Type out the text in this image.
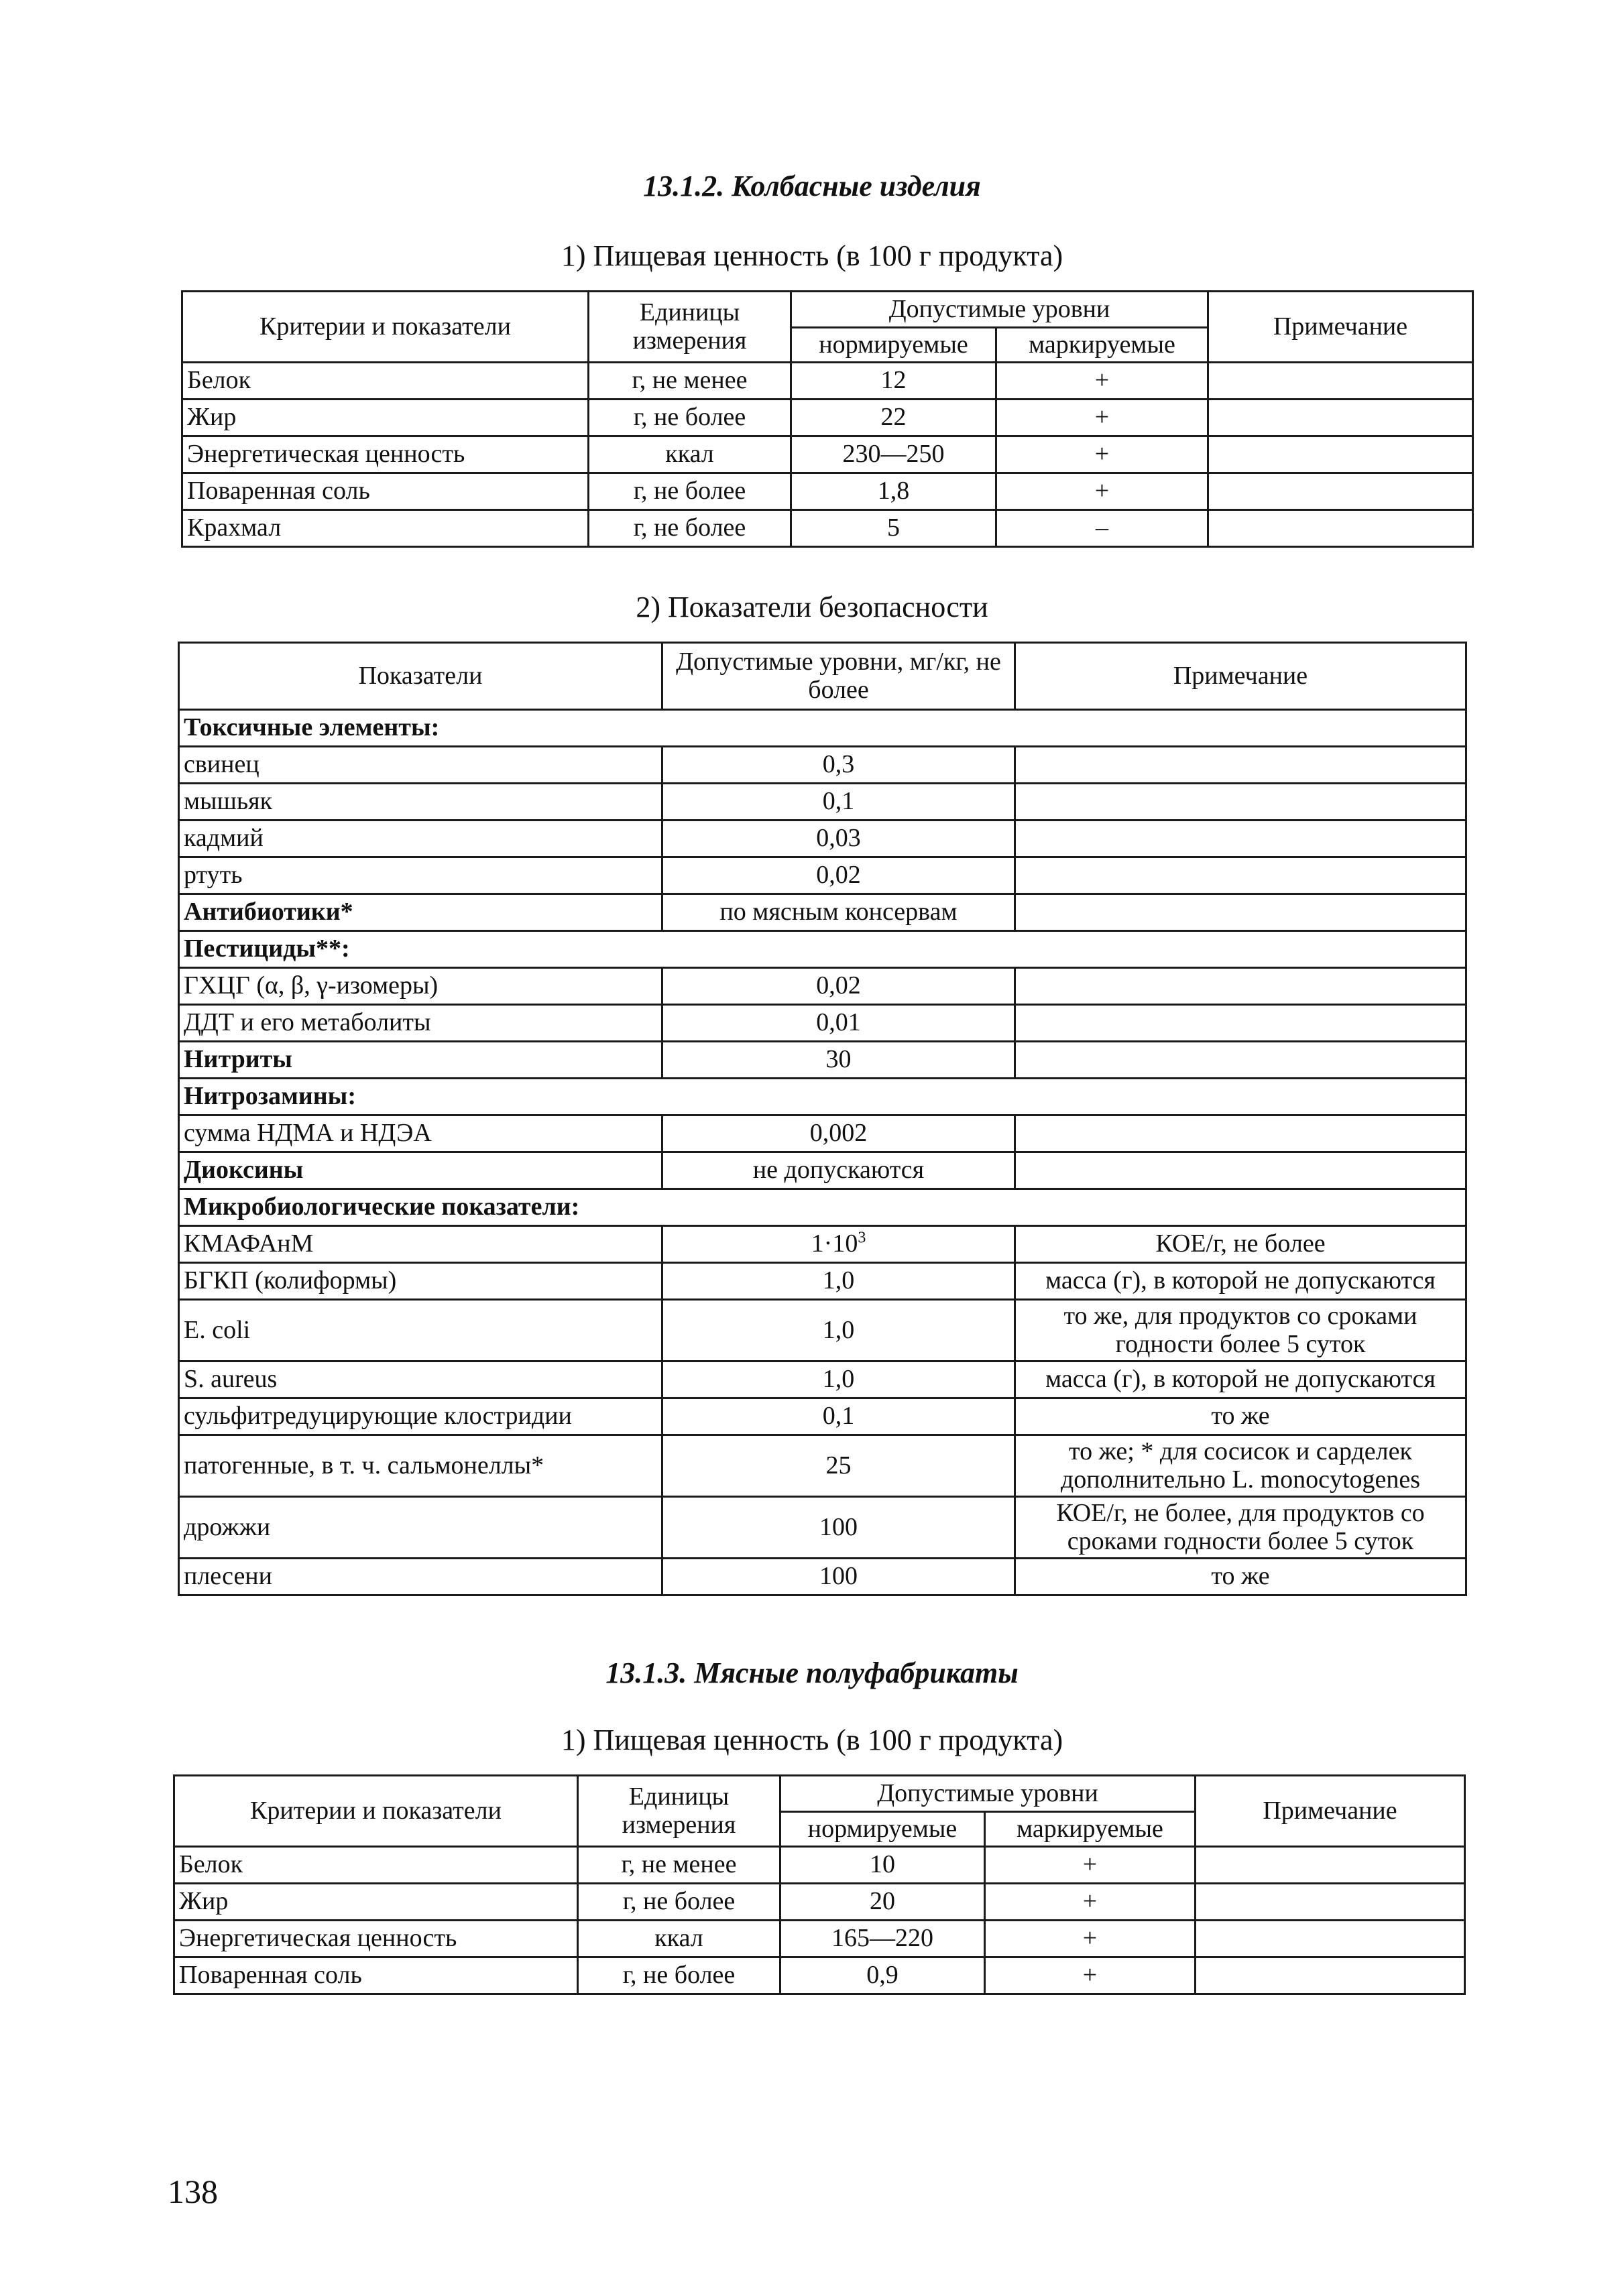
13.1.2. Колбасные изделия
1) Пищевая ценность (в 100 г продукта)
Критерии и показатели	Единицы измерения	Допустимые уровни		Примечание
		нормируемые	маркируемые	
Белок	г, не менее	12	+	
Жир	г, не более	22	+	
Энергетическая ценность	ккал	230—250	+	
Поваренная соль	г, не более	1,8	+	
Крахмал	г, не более	5	–	
2) Показатели безопасности
Показатели	Допустимые уровни, мг/кг, не более	Примечание
Токсичные элементы:		
свинец	0,3	
мышьяк	0,1	
кадмий	0,03	
ртуть	0,02	
Антибиотики*	по мясным консервам	
Пестициды**:		
ГХЦГ (α, β, γ-изомеры)	0,02	
ДДТ и его метаболиты	0,01	
Нитриты	30	
Нитрозамины:		
сумма НДМА и НДЭА	0,002	
Диоксины	не допускаются	
Микробиологические показатели:		
КМАФАнМ	$1\cdot 10^3$	КОЕ/г, не более
БГКП (колиформы)	1,0	масса (г), в которой не допускаются
E. coli	1,0	то же, для продуктов со сроками годности более 5 суток
S. aureus	1,0	масса (г), в которой не допускаются
сульфитредуцирующие клостридии	0,1	то же
патогенные, в т. ч. сальмонеллы*	25	то же; * для сосисок и сарделек дополнительно L. monocytogenes
дрожжи	100	КОЕ/г, не более, для продуктов со сроками годности более 5 суток
плесени	100	то же
13.1.3. Мясные полуфабрикаты
1) Пищевая ценность (в 100 г продукта)
Критерии и показатели	Единицы измерения	Допустимые уровни		Примечание
		нормируемые	маркируемые	
Белок	г, не менее	10	+	
Жир	г, не более	20	+	
Энергетическая ценность	ккал	165—220	+	
Поваренная соль	г, не более	0,9	+	
138
